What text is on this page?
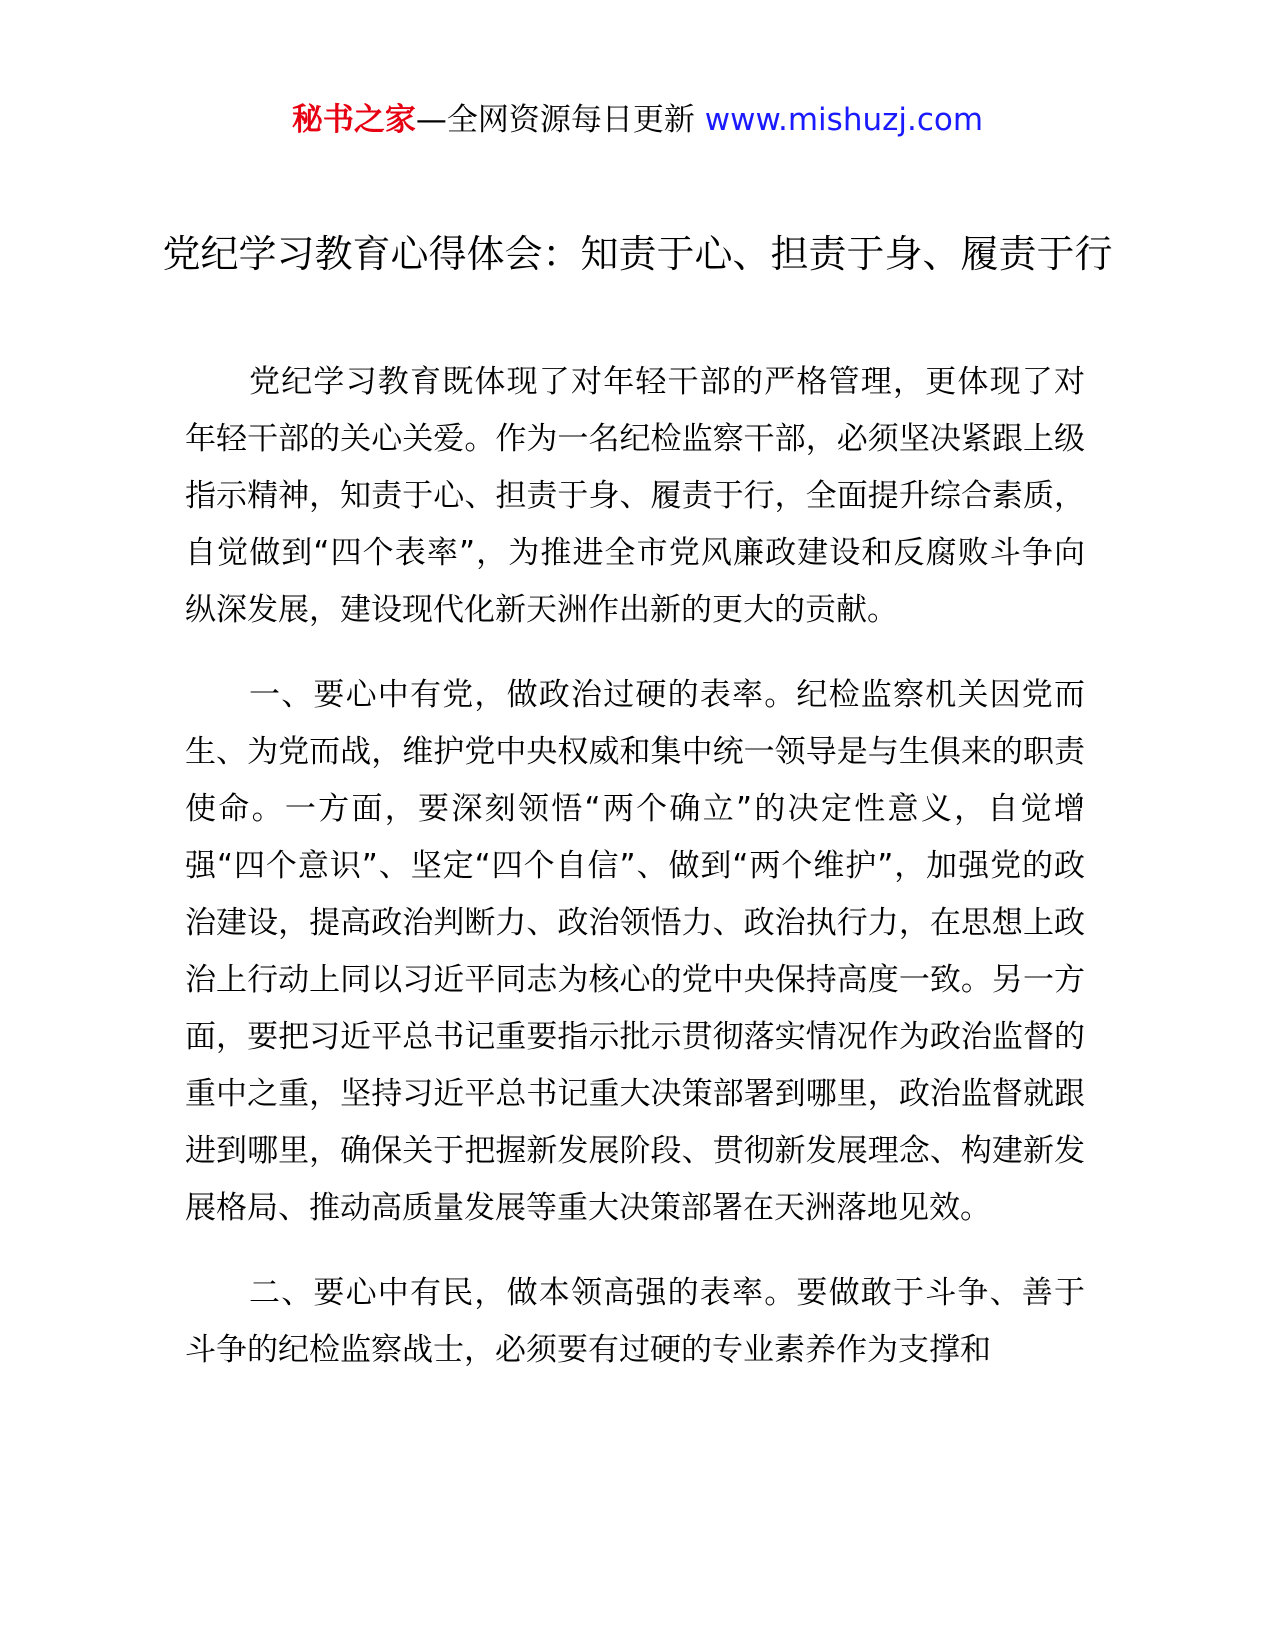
秘书之家—全网资源每日更新 www.mishuzj.com
党纪学习教育心得体会：知责于心、担责于身、履责于行

党纪学习教育既体现了对年轻干部的严格管理，更体现了对年轻干部的关心关爱。作为一名纪检监察干部，必须坚决紧跟上级指示精神，知责于心、担责于身、履责于行，全面提升综合素质，自觉做到“四个表率”，为推进全市党风廉政建设和反腐败斗争向纵深发展，建设现代化新天洲作出新的更大的贡献。

一、要心中有党，做政治过硬的表率。纪检监察机关因党而生、为党而战，维护党中央权威和集中统一领导是与生俱来的职责使命。一方面，要深刻领悟“两个确立”的决定性意义，自觉增强“四个意识”、坚定“四个自信”、做到“两个维护”，加强党的政治建设，提高政治判断力、政治领悟力、政治执行力，在思想上政治上行动上同以习近平同志为核心的党中央保持高度一致。另一方面，要把习近平总书记重要指示批示贯彻落实情况作为政治监督的重中之重，坚持习近平总书记重大决策部署到哪里，政治监督就跟进到哪里，确保关于把握新发展阶段、贯彻新发展理念、构建新发展格局、推动高质量发展等重大决策部署在天洲落地见效。

二、要心中有民，做本领高强的表率。要做敢于斗争、善于斗争的纪检监察战士，必须要有过硬的专业素养作为支撑和
